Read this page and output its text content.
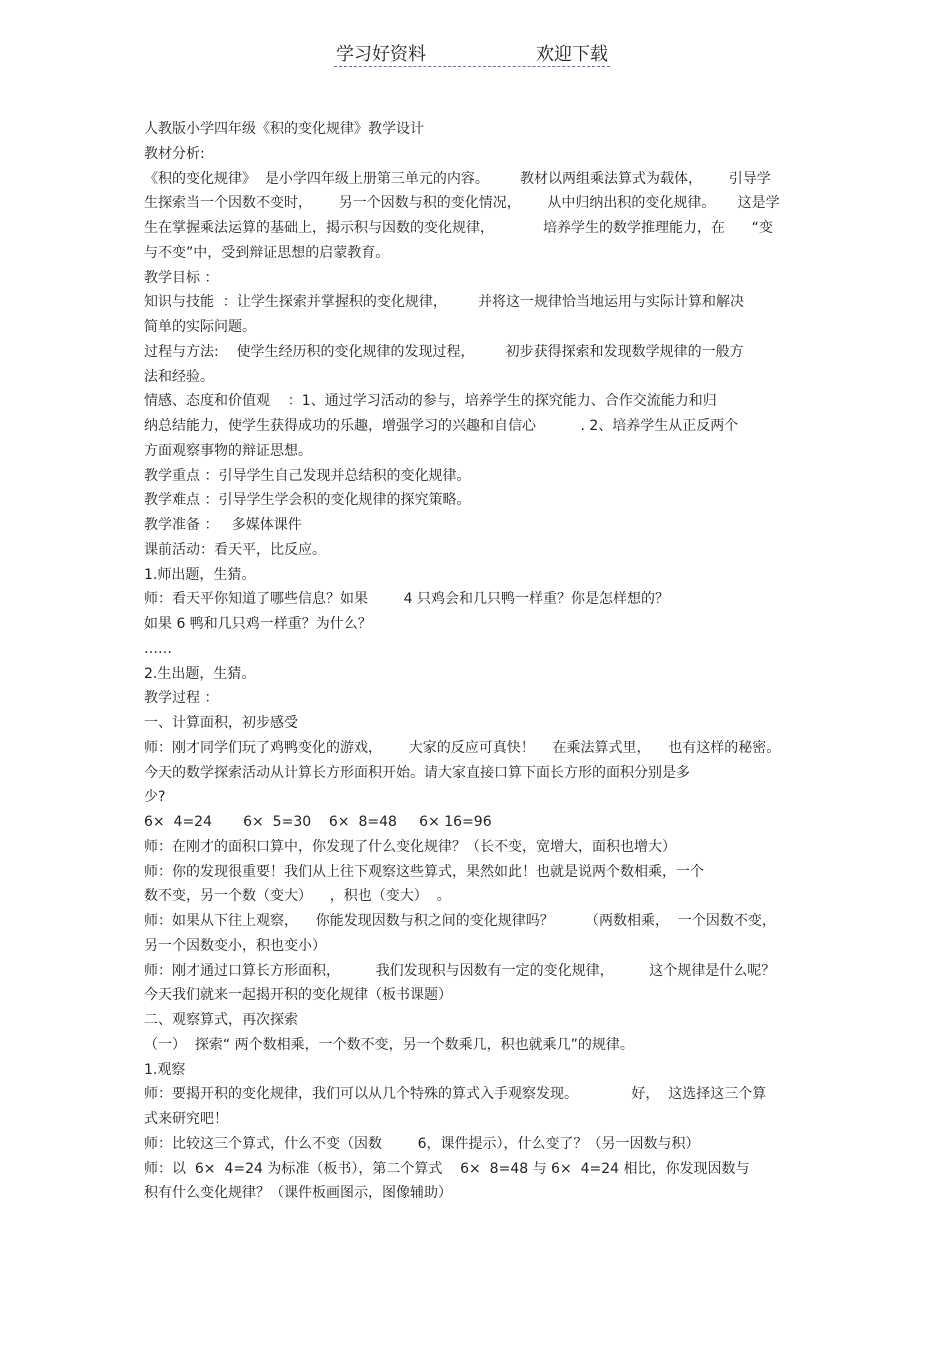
学习好资料	欢迎下载
人教版小学四年级《积的变化规律》教学设计
教材分析:
《积的变化规律》  是小学四年级上册第三单元的内容。       教材以两组乘法算式为载体，      引导学
生探索当一个因数不变时，      另一个因数与积的变化情况，      从中归纳出积的变化规律。     这是学
生在掌握乘法运算的基础上，揭示积与因数的变化规律，           培养学生的数学推理能力，在      “变
与不变”中，受到辩证思想的启蒙教育。
教学目标 ：
知识与技能  ：让学生探索并掌握积的变化规律，       并将这一规律恰当地运用与实际计算和解决
简单的实际问题。
过程与方法:    使学生经历积的变化规律的发现过程，       初步获得探索和发现数学规律的一般方
法和经验。
情感、态度和价值观    ：1、通过学习活动的参与，培养学生的探究能力、合作交流能力和归
纳总结能力，使学生获得成功的乐趣，增强学习的兴趣和自信心          . 2、培养学生从正反两个
方面观察事物的辩证思想。
教学重点 ：引导学生自己发现并总结积的变化规律。
教学难点 ：引导学生学会积的变化规律的探究策略。
教学准备 ：   多媒体课件
课前活动：看天平，比反应。
1.师出题，生猜。
师：看天平你知道了哪些信息？如果        4 只鸡会和几只鸭一样重？你是怎样想的？
如果 6 鸭和几只鸡一样重？为什么？
……
2.生出题，生猜。
教学过程 ：
一、计算面积，初步感受
师：刚才同学们玩了鸡鸭变化的游戏，      大家的反应可真快！    在乘法算式里，    也有这样的秘密。
今天的数学探索活动从计算长方形面积开始。请大家直接口算下面长方形的面积分别是多
少?
6×  4=24       6×  5=30    6×  8=48     6× 16=96
师：在刚才的面积口算中，你发现了什么变化规律？（长不变，宽增大，面积也增大）
师：你的发现很重要！我们从上往下观察这些算式，果然如此！也就是说两个数相乘，一个
数不变，另一个数（变大）    ，积也（变大）  。
师：如果从下往上观察，    你能发现因数与积之间的变化规律吗？       （两数相乘，  一个因数不变，
另一个因数变小，积也变小）
师：刚才通过口算长方形面积，        我们发现积与因数有一定的变化规律，        这个规律是什么呢？
今天我们就来一起揭开积的变化规律（板书课题）
二、观察算式，再次探索
（一）  探索“ 两个数相乘，一个数不变，另一个数乘几，积也就乘几”的规律。
1.观察
师：要揭开积的变化规律，我们可以从几个特殊的算式入手观察发现。            好，  这选择这三个算
式来研究吧！
师：比较这三个算式，什么不变（因数        6，课件提示），什么变了？（另一因数与积）
师：以  6×  4=24 为标准（板书），第二个算式    6×  8=48 与 6×  4=24 相比，你发现因数与
积有什么变化规律？（课件板画图示，图像辅助）
